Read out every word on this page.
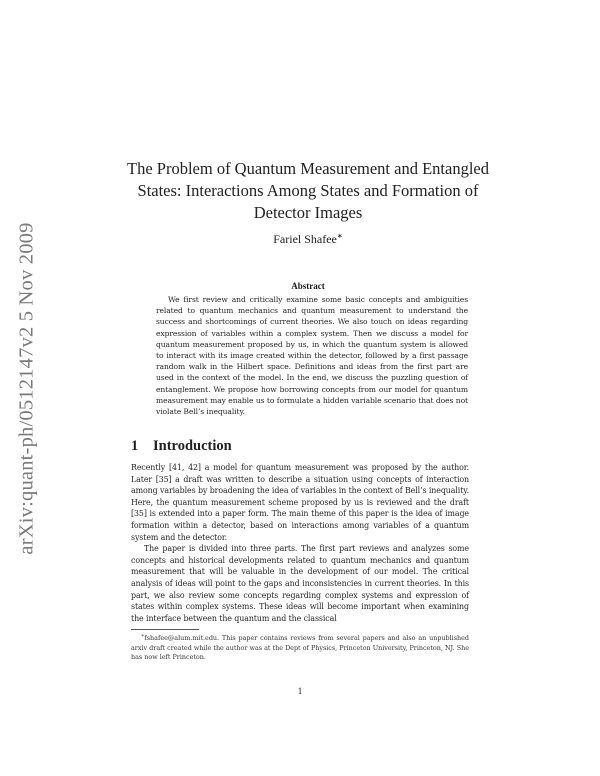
arXiv:quant-ph/0512147v2 5 Nov 2009
The Problem of Quantum Measurement and Entangled States: Interactions Among States and Formation of Detector Images
Fariel Shafee∗
Abstract
We first review and critically examine some basic concepts and ambiguities related to quantum mechanics and quantum measurement to understand the success and shortcomings of current theories. We also touch on ideas regarding expression of variables within a complex system. Then we discuss a model for quantum measurement proposed by us, in which the quantum system is allowed to interact with its image created within the detector, followed by a first passage random walk in the Hilbert space. Definitions and ideas from the first part are used in the context of the model. In the end, we discuss the puzzling question of entanglement. We propose how borrowing concepts from our model for quantum measurement may enable us to formulate a hidden variable scenario that does not violate Bell’s inequality.
1 Introduction

Recently [41, 42] a model for quantum measurement was proposed by the author. Later [35] a draft was written to describe a situation using concepts of interaction among variables by broadening the idea of variables in the context of Bell’s inequality. Here, the quantum measurement scheme proposed by us is reviewed and the draft [35] is extended into a paper form. The main theme of this paper is the idea of image formation within a detector, based on interactions among variables of a quantum system and the detector.

The paper is divided into three parts. The first part reviews and analyzes some concepts and historical developments related to quantum mechanics and quantum measurement that will be valuable in the development of our model. The critical analysis of ideas will point to the gaps and inconsistencies in current theories. In this part, we also review some concepts regarding complex systems and expression of states within complex systems. These ideas will become important when examining the interface between the quantum and the classical

∗fshafee@alum.mit.edu. This paper contains reviews from several papers and also an unpublished arxiv draft created while the author was at the Dept of Physics, Princeton University, Princeton, NJ. She has now left Princeton.
1
